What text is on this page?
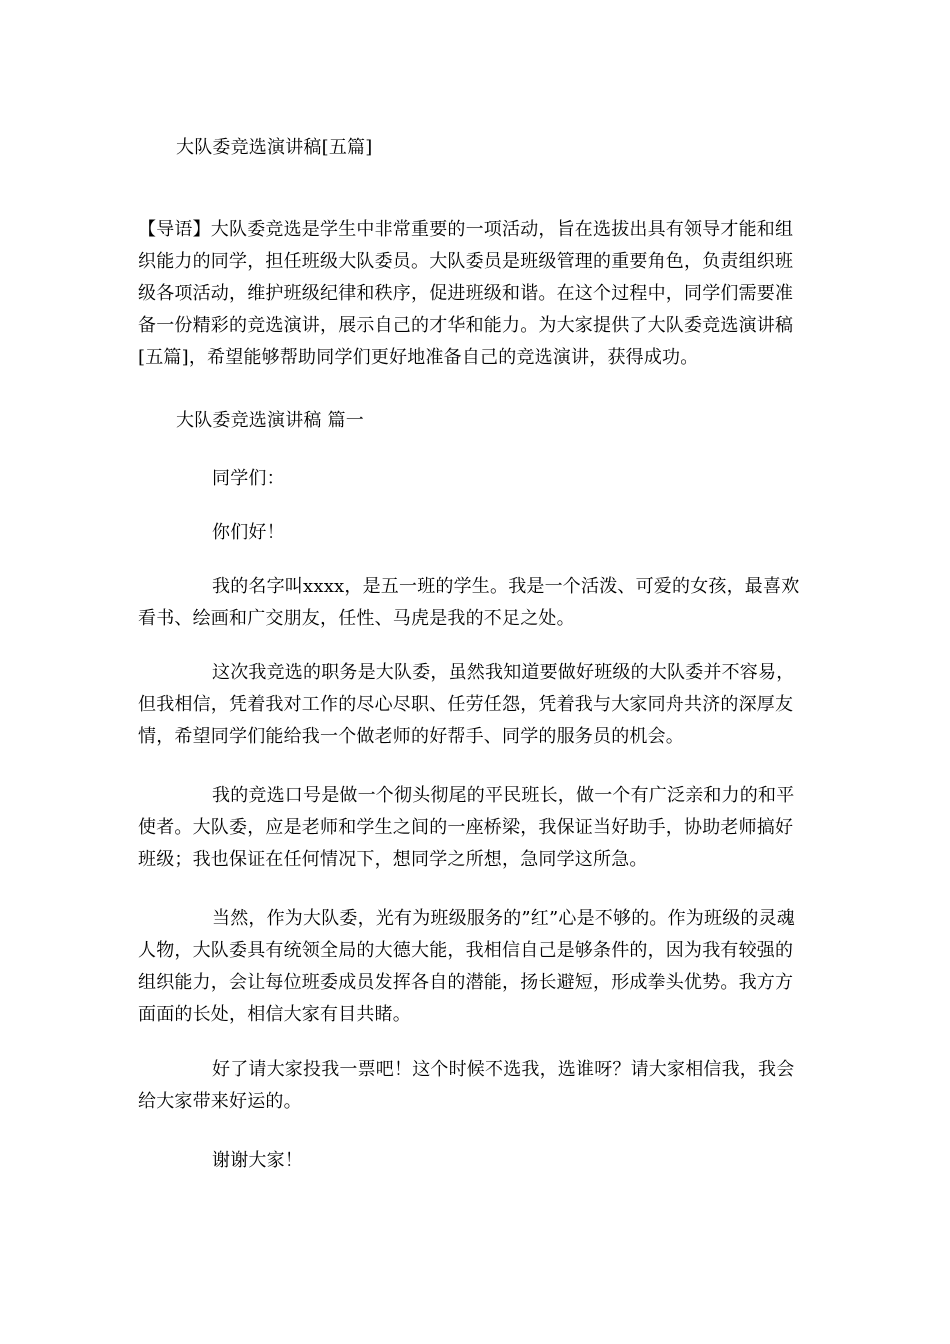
大队委竞选演讲稿[五篇]
【导语】大队委竞选是学生中非常重要的一项活动，旨在选拔出具有领导才能和组织能力的同学，担任班级大队委员。大队委员是班级管理的重要角色，负责组织班级各项活动，维护班级纪律和秩序，促进班级和谐。在这个过程中，同学们需要准备一份精彩的竞选演讲，展示自己的才华和能力。为大家提供了大队委竞选演讲稿[五篇]，希望能够帮助同学们更好地准备自己的竞选演讲，获得成功。
大队委竞选演讲稿 篇一
同学们：
你们好！
我的名字叫xxxx，是五一班的学生。我是一个活泼、可爱的女孩，最喜欢看书、绘画和广交朋友，任性、马虎是我的不足之处。
这次我竞选的职务是大队委，虽然我知道要做好班级的大队委并不容易，但我相信，凭着我对工作的尽心尽职、任劳任怨，凭着我与大家同舟共济的深厚友情，希望同学们能给我一个做老师的好帮手、同学的服务员的机会。
我的竞选口号是做一个彻头彻尾的平民班长，做一个有广泛亲和力的和平使者。大队委，应是老师和学生之间的一座桥梁，我保证当好助手，协助老师搞好班级；我也保证在任何情况下，想同学之所想，急同学这所急。
当然，作为大队委，光有为班级服务的”红”心是不够的。作为班级的灵魂人物，大队委具有统领全局的大德大能，我相信自己是够条件的，因为我有较强的组织能力，会让每位班委成员发挥各自的潜能，扬长避短，形成拳头优势。我方方面面的长处，相信大家有目共睹。
好了请大家投我一票吧！这个时候不选我，选谁呀？请大家相信我，我会给大家带来好运的。
谢谢大家！
